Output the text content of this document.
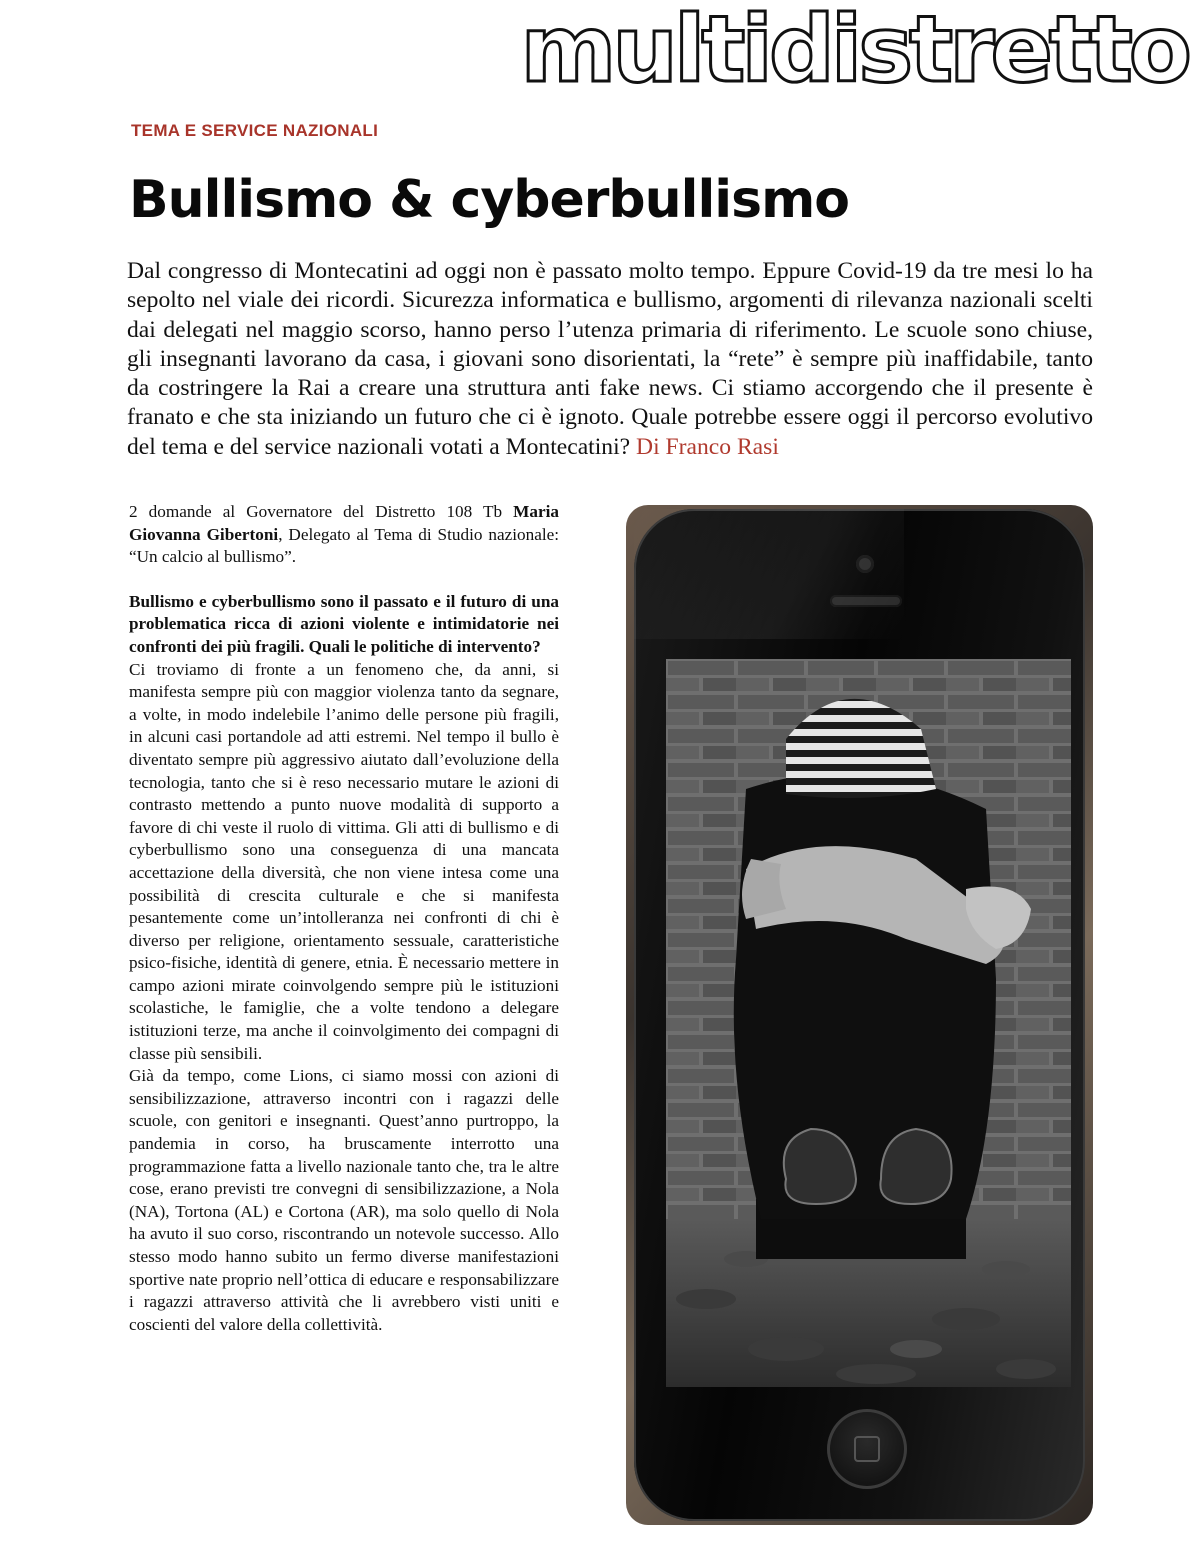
multidistretto
TEMA E SERVICE NAZIONALI
Bullismo & cyberbullismo
Dal congresso di Montecatini ad oggi non è passato molto tempo. Eppure Covid-19 da tre mesi lo ha sepolto nel viale dei ricordi. Sicurezza informatica e bullismo, argomenti di rilevanza nazionali scelti dai delegati nel maggio scorso, hanno perso l’utenza primaria di riferimento. Le scuole sono chiuse, gli insegnanti lavorano da casa, i giovani sono disorientati, la “rete” è sempre più inaffidabile, tanto da costringere la Rai a creare una struttura anti fake news. Ci stiamo accorgendo che il presente è franato e che sta iniziando un futuro che ci è ignoto. Quale potrebbe essere oggi il percorso evolutivo del tema e del service nazionali votati a Montecatini? Di Franco Rasi

2 domande al Governatore del Distretto 108 Tb Maria Giovanna Gibertoni, Delegato al Tema di Studio nazionale: “Un calcio al bullismo”.

Bullismo e cyberbullismo sono il passato e il futuro di una problematica ricca di azioni violente e intimidatorie nei confronti dei più fragili. Quali le politiche di intervento?

Ci troviamo di fronte a un fenomeno che, da anni, si manifesta sempre più con maggior violenza tanto da segnare, a volte, in modo indelebile l’animo delle persone più fragili, in alcuni casi portandole ad atti estremi. Nel tempo il bullo è diventato sempre più aggressivo aiutato dall’evoluzione della tecnologia, tanto che si è reso necessario mutare le azioni di contrasto mettendo a punto nuove modalità di supporto a favore di chi veste il ruolo di vittima. Gli atti di bullismo e di cyberbullismo sono una conseguenza di una mancata accettazione della diversità, che non viene intesa come una possibilità di crescita culturale e che si manifesta pesantemente come un’intolleranza nei confronti di chi è diverso per religione, orientamento sessuale, caratteristiche psico-fisiche, identità di genere, etnia. È necessario mettere in campo azioni mirate coinvolgendo sempre più le istituzioni scolastiche, le famiglie, che a volte tendono a delegare istituzioni terze, ma anche il coinvolgimento dei compagni di classe più sensibili.

Già da tempo, come Lions, ci siamo mossi con azioni di sensibilizzazione, attraverso incontri con i ragazzi delle scuole, con genitori e insegnanti. Quest’anno purtroppo, la pandemia in corso, ha bruscamente interrotto una programmazione fatta a livello nazionale tanto che, tra le altre cose, erano previsti tre convegni di sensibilizzazione, a Nola (NA), Tortona (AL) e Cortona (AR), ma solo quello di Nola ha avuto il suo corso, riscontrando un notevole successo. Allo stesso modo hanno subito un fermo diverse manifestazioni sportive nate proprio nell’ottica di educare e responsabilizzare i ragazzi attraverso attività che li avrebbero visti uniti e coscienti del valore della collettività.
